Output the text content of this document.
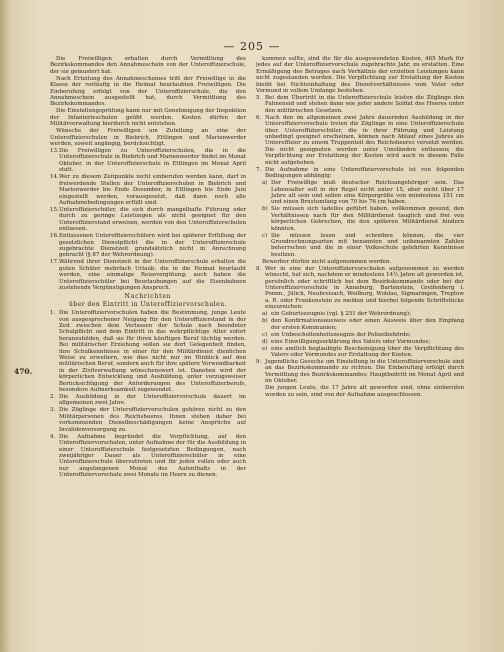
— 205 —
470.

Die Freiwilligen erhalten durch Vermittlung des Bezirkskommandos den Annahmeschein von der Unteroffizierschule, der sie gemustert hat.

Nach Erteilung des Annahmescheines tritt der Freiwillige in die Klasse der vorläufig in die Heimat beurlaubten Freiwilligen. Die Einberufung erfolgt von der Unteroffizierschule, die den Annahmeschein ausgestellt hat, durch Vermittlung des Bezirkskommandos.

Die Einstellungsprüfung kann nur mit Genehmigung der Inspektion der Infanterieschulen geübt werden. Kosten dürfen der Militärverwaltung hierdurch nicht entstehen.

Wünsche der Freiwilligen um Zuteilung an eine der Unteroffizierschulen in Biebrich, Ettlingen und Marienwerder werden, soweit angängig, berücksichtigt.

13. Die Freiwilligen zu Unteroffizierschulen, die in die Unteroffizierschule in Biebrich und Marienwerder findet im Monat Oktober, in der Unteroffizierschule in Ettlingen im Monat April statt.

14. Wer zu diesem Zeitpunkte nicht einberufen werden kann, darf in freiwerdende Stellen der Unteroffizierschulen in Biebrich und Marienwerder bis Ende Dezember, in Ettlingen bis Ende Juni eingestellt werden, vorausgesetzt, daß dann noch alle Aufnahmebedingungen erfüllt sind.

15. Unteroffizierschüler, die sich durch mangelhafte Führung oder durch zu geringe Leistungen als nicht geeignet für den Unteroffizierstand erweisen, werden von den Unteroffizierschulen entlassen.

16. Entlassenen Unteroffizierschülern wird bei späterer Erfüllung der gesetzlichen Dienstpflicht die in der Unteroffizierschule zugebrachte Dienstzeit grundsätzlich nicht in Anrechnung gebracht (§ 87 der Wehrordnung).

17. Während ihrer Dienstzeit in der Unteroffizierschule erhalten die guten Schüler mehrfach Urlaub, die in die Heimat beurlaubt werden, eine einmalige Reisevergütung; auch haben die Unteroffizierschüler bei Beurlaubungen auf die Eisenbahnen zustehende Vergünstigungen Anspruch.

Nachrichten
über den Eintritt in Unteroffiziervorschulen.

1. Die Unteroffiziervorschulen haben die Bestimmung, junge Leute von ausgesprochener Neigung für den Unteroffizierstand in der Zeit zwischen dem Verlassen der Schule nach beendeter Schulpflicht und dem Eintritt in das wehrpflichtige Alter sofort heranzubilden, daß sie für ihren künftigen Beruf tüchtig werden. Bei militärischer Erziehung sollen sie dort Gelegenheit finden, ihre Schulkenntnisse in einer für den Militärdienst dienlichen Weise zu erweitern, wie dies nicht nur im Hinblick auf den militärischen Beruf, sondern auch für ihre spätere Verwendbarkeit in der Zivilverwaltung wünschenswert ist. Daneben wird der körperlichen Entwicklung und Ausbildung, unter vorzugsweiser Berücksichtigung der Anforderungen des Unteroffizierberufs, besondere Aufmerksamkeit zugewendet.

2. Die Ausbildung in der Unteroffiziervorschule dauert im allgemeinen zwei Jahre.

3. Die Zöglinge der Unteroffiziervorschulen gehören nicht zu den Militärpersonen des Reichsheeres. Ihnen stehen daher bei vorkommenden Dienstbeschädigungen keine Ansprüche auf Invalidenversorgung zu.

4. Die Aufnahme begründet die Verpflichtung, auf den Unteroffiziervorschulen, unter Aufnahme der für die Ausbildung in einer Unteroffizierschule festgesetzten Bedingungen, nach zweijähriger Dauer als Unteroffizierschüler in eine Unteroffizierschule überzutreten und für jeden vollen oder auch nur angefangenen Monat des Aufenthalts in der Unteroffiziervorschule zwei Monate im Heere zu dienen.

kommen sollte, sind die für die ausgewendeten Kosten, 465 Mark für jedes auf der Unteroffiziervorschule zugebrachte Jahr, zu erstatten. Eine Ermäßigung des Betrages nach Verhältnis der erzielten Leistungen kann nicht zugestanden werden. Die Verpflichtung zur Erstattung der Kosten bleibt bei Nichteinhaltung des Dienstverhältnisses vom Vater oder Vormund in vollem Umfange bestehen.

5. Bei dem Übertritt in die Unteroffizierschule leisten die Zöglinge den Fahneneid und stehen dann wie jeder andere Soldat des Heeres unter den militärischen Gesetzen.

6. Nach den im allgemeinen zwei Jahre dauernden Ausbildung in der Unteroffiziervorschule treten die Zöglinge in eine Unteroffizierschule über. Unteroffizierschüler, die in ihrer Führung und Leistung unbedingt geeignet erscheinen, können nach Ablauf eines Jahres als Unteroffizier zu einem Truppenteil des Reichsheeres versetzt werden. Die nicht geeigneten werden unter Umständen entlassen; die Verpflichtung zur Erstattung der Kosten wird auch in diesem Falle nicht aufgehoben.

7. Die Aufnahme in eine Unteroffiziervorschule ist von folgenden Bedingungen abhängig:

a) Der Freiwillige muß deutscher Reichsangehöriger sein. Das Lebensalter soll in der Regel nicht unter 15, aber nicht über 17 Jahre alt sein und sollen eine Körpergröße von mindestens 151 cm und einen Brustumfang von 70 bis 76 cm haben.

b) Sie müssen sich tadellos geführt haben, vollkommen gesund, den Verhältnissen nach für den Militärdienst tauglich und frei von körperlichen Gebrechen, die den späteren Militärdienst hindern könnten.

c) Sie müssen lesen und schreiben können, die vier Grundrechnungsarten mit benannten und unbenannten Zahlen beherrschen und die in einer Volksschule gelehrten Kenntnisse besitzen.

Bewerber dürfen nicht aufgenommen werden.

8. Wer in eine der Unteroffiziervorschulen aufgenommen zu werden wünscht, hat sich, nachdem er mindestens 14½ Jahre alt geworden ist, persönlich oder schriftlich bei dem Bezirkskommando oder bei der Unteroffiziervorschule in Annaburg, Bartenstein, Greifenberg i. Pomm., Jülich, Neubreisach, Weilburg, Wohlau, Sigmaringen, Treptow a. R. oder Frankenstein zu melden und hierbei folgende Schriftstücke einzureichen:

a) ein Geburtszeugnis (vgl. § 251 der Wehrordnung);

b) den Konfirmationsausweis oder einen Ausweis über den Empfang der ersten Kommunion;

c) ein Unbescholtenheitszeugnis der Polizeibehörde;

d) eine Einwilligungserklärung des Vaters oder Vormundes;

e) eine amtlich beglaubigte Bescheinigung über die Verpflichtung des Vaters oder Vormundes zur Erstattung der Kosten.

9. Jugendliche Gesuche um Einstellung in die Unteroffiziervorschule sind an das Bezirkskommando zu richten. Die Einberufung erfolgt durch Vermittlung des Bezirkskommandos; Hauptbeitritt im Monat April und im Oktober.

Die jungen Leute, die 17 Jahre alt geworden sind, ohne einberufen worden zu sein, sind von der Aufnahme ausgeschlossen.
